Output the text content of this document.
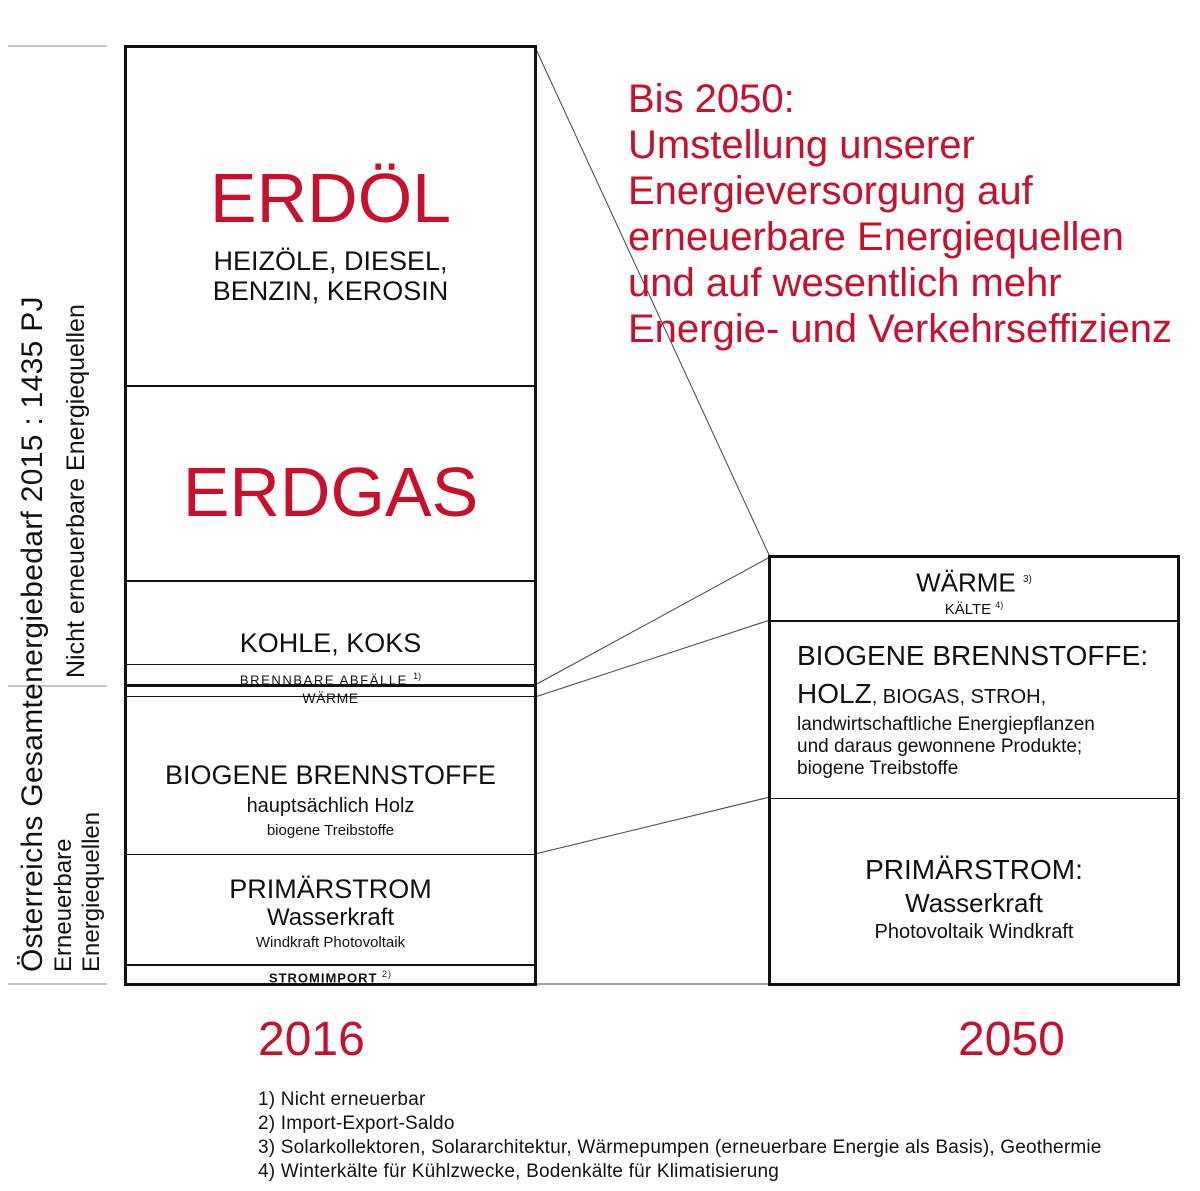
Österreichs Gesamtenergiebedarf 2015 : 1435 PJ Nicht erneuerbare Energiequellen
Erneuerbare Energiequellen
ERDÖL
HEIZÖLE, DIESEL,
BENZIN, KEROSIN
ERDGAS
KOHLE, KOKS
BRENNBARE ABFÄLLE $^{1)}$
WÄRME
BIOGENE BRENNSTOFFE
hauptsächlich Holz
biogene Treibstoffe
PRIMÄRSTROM
Wasserkraft
Windkraft Photovoltaik
STROMIMPORT $^{2)}$
2016
WÄRME $^{3)}$
KÄLTE $^{4)}$
BIOGENE BRENNSTOFFE:
HOLZ, BIOGAS, STROH,
landwirtschaftliche Energiepflanzen
und daraus gewonnene Produkte;
biogene Treibstoffe
PRIMÄRSTROM:
Wasserkraft
Photovoltaik Windkraft
2050
Bis 2050:
Umstellung unserer
Energieversorgung auf
erneuerbare Energiequellen
und auf wesentlich mehr
Energie- und Verkehrseffizienz
1) Nicht erneuerbar
2) Import-Export-Saldo
3) Solarkollektoren, Solararchitektur, Wärmepumpen (erneuerbare Energie als Basis), Geothermie
4) Winterkälte für Kühlzwecke, Bodenkälte für Klimatisierung
